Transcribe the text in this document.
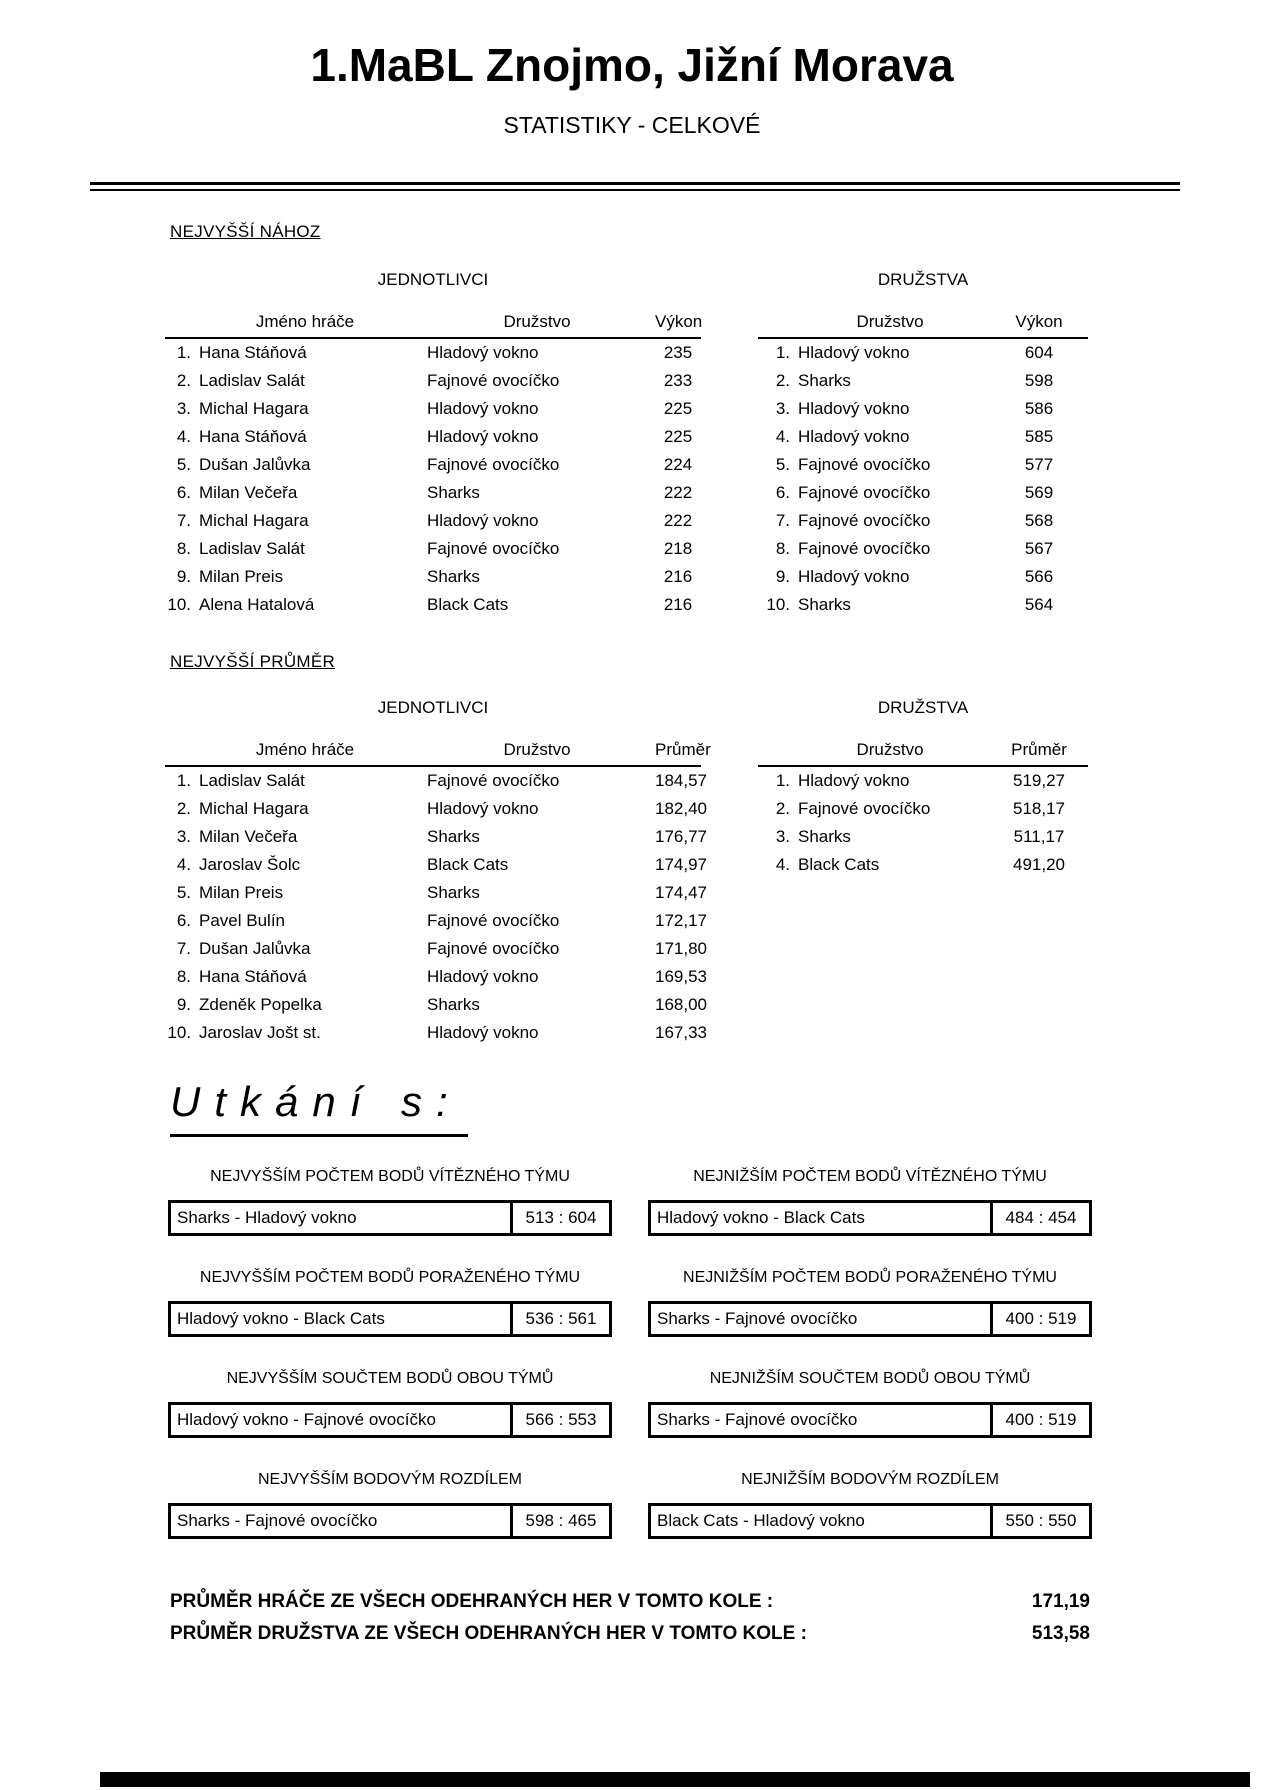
1.MaBL Znojmo, Jižní Morava
STATISTIKY - CELKOVÉ
NEJVYŠŠÍ NÁHOZ
JEDNOTLIVCI	DRUŽSTVA
Jméno hráče	Družstvo	Výkon
1. Hana Stáňová	Hladový vokno	235
2. Ladislav Salát	Fajnové ovocíčko	233
3. Michal Hagara	Hladový vokno	225
4. Hana Stáňová	Hladový vokno	225
5. Dušan Jalůvka	Fajnové ovocíčko	224
6. Milan Večeřa	Sharks	222
7. Michal Hagara	Hladový vokno	222
8. Ladislav Salát	Fajnové ovocíčko	218
9. Milan Preis	Sharks	216
10. Alena Hatalová	Black Cats	216
Družstvo	Výkon
1. Hladový vokno	604
2. Sharks	598
3. Hladový vokno	586
4. Hladový vokno	585
5. Fajnové ovocíčko	577
6. Fajnové ovocíčko	569
7. Fajnové ovocíčko	568
8. Fajnové ovocíčko	567
9. Hladový vokno	566
10. Sharks	564
NEJVYŠŠÍ PRŮMĚR
JEDNOTLIVCI	DRUŽSTVA
Jméno hráče	Družstvo	Průměr
1. Ladislav Salát	Fajnové ovocíčko	184,57
2. Michal Hagara	Hladový vokno	182,40
3. Milan Večeřa	Sharks	176,77
4. Jaroslav Šolc	Black Cats	174,97
5. Milan Preis	Sharks	174,47
6. Pavel Bulín	Fajnové ovocíčko	172,17
7. Dušan Jalůvka	Fajnové ovocíčko	171,80
8. Hana Stáňová	Hladový vokno	169,53
9. Zdeněk Popelka	Sharks	168,00
10. Jaroslav Jošt st.	Hladový vokno	167,33
Družstvo	Průměr
1. Hladový vokno	519,27
2. Fajnové ovocíčko	518,17
3. Sharks	511,17
4. Black Cats	491,20
Utkání s:
NEJVYŠŠÍM POČTEM BODŮ VÍTĚZNÉHO TÝMU
Sharks - Hladový vokno	513 : 604
NEJVYŠŠÍM POČTEM BODŮ PORAŽENÉHO TÝMU
Hladový vokno - Black Cats	536 : 561
NEJVYŠŠÍM SOUČTEM BODŮ OBOU TÝMŮ
Hladový vokno - Fajnové ovocíčko	566 : 553
NEJVYŠŠÍM BODOVÝM ROZDÍLEM
Sharks - Fajnové ovocíčko	598 : 465
NEJNIŽŠÍM POČTEM BODŮ VÍTĚZNÉHO TÝMU
Hladový vokno - Black Cats	484 : 454
NEJNIŽŠÍM POČTEM BODŮ PORAŽENÉHO TÝMU
Sharks - Fajnové ovocíčko	400 : 519
NEJNIŽŠÍM SOUČTEM BODŮ OBOU TÝMŮ
Sharks - Fajnové ovocíčko	400 : 519
NEJNIŽŠÍM BODOVÝM ROZDÍLEM
Black Cats - Hladový vokno	550 : 550
PRŮMĚR HRÁČE ZE VŠECH ODEHRANÝCH HER V TOMTO KOLE :	171,19
PRŮMĚR DRUŽSTVA ZE VŠECH ODEHRANÝCH HER V TOMTO KOLE :	513,58
